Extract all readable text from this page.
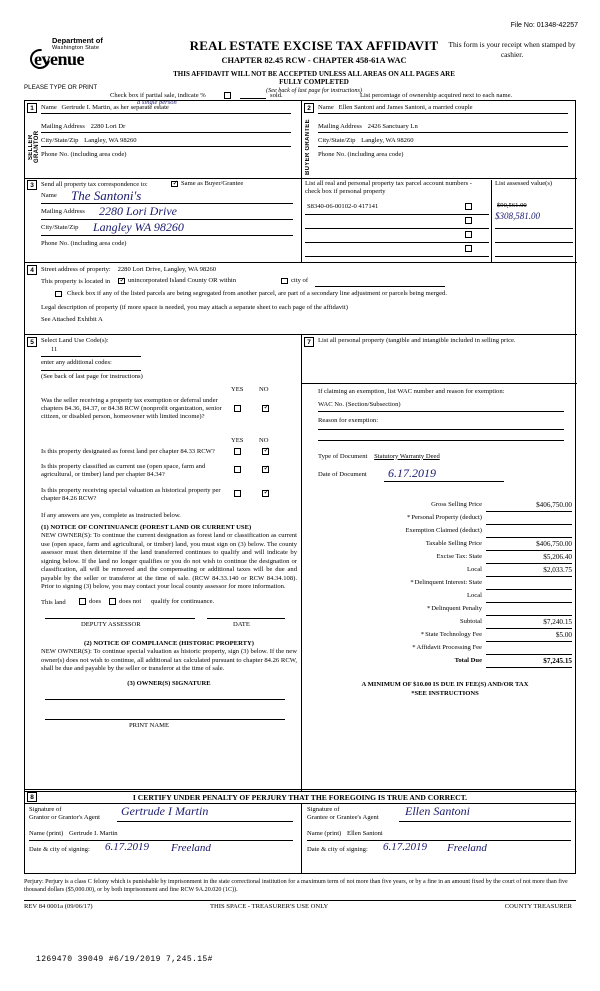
File No: 01348-42257
Department of
Washington State
evenue
PLEASE TYPE OR PRINT
REAL ESTATE EXCISE TAX AFFIDAVIT
CHAPTER 82.45 RCW - CHAPTER 458-61A WAC
THIS AFFIDAVIT WILL NOT BE ACCEPTED UNLESS ALL AREAS ON ALL PAGES ARE FULLY COMPLETED
(See back of last page for instructions)
This form is your receipt when stamped by cashier.
Check box if partial sale, indicate %	sold.	List percentage of ownership acquired next to each name.
1
SELLER GRANTOR
Name Gertrude I. Martin, as her separate estate
a single person
Mailing Address 2280 Lori Dr
City/State/Zip Langley, WA 98260
Phone No. (including area code)
2
BUYER GRANTEE
Name Ellen Santoni and James Santoni, a married couple
Mailing Address 2426 Sanctuary Ln
City/State/Zip Langley, WA 98260
Phone No. (including area code)
3	Send all property tax correspondence to: ✓	Same as Buyer/Grantee
Name The Santoni's
Mailing Address 2280 Lori Drive
City/State/Zip Langley WA 98260
Phone No. (including area code)
List all real and personal property tax parcel account numbers - check box if personal property
List assessed value(s)
S8340-06-00102-0 417141	$90,561.00
$308,581.00
4	Street address of property: 2280 Lori Drive, Langley, WA 98260
This property is located in ✓	unincorporated Island County OR within	city of
Check box if any of the listed parcels are being segregated from another parcel, are part of a secondary line adjustment or parcels being merged.
Legal description of property (if more space is needed, you may attach a separate sheet to each page of the affidavit)
See Attached Exhibit A
5	Select Land Use Code(s):
11
enter any additional codes:
(See back of last page for instructions)
YES NO
Was the seller receiving a property tax exemption or deferral under chapters 84.36, 84.37, or 84.38 RCW (nonprofit organization, senior citizen, or disabled person, homeowner with limited income)?
✓
YES NO
Is this property designated as forest land per chapter 84.33 RCW?
✓
Is this property classified as current use (open space, farm and agricultural, or timber) land per chapter 84.34?
✓
Is this property receiving special valuation as historical property per chapter 84.26 RCW?
✓
If any answers are yes, complete as instructed below.
(1) NOTICE OF CONTINUANCE (FOREST LAND OR CURRENT USE)
NEW OWNER(S): To continue the current designation as forest land or classification as current use (open space, farm and agricultural, or timber) land, you must sign on (3) below. The county assessor must then determine if the land transferred continues to qualify and will indicate by signing below. If the land no longer qualifies or you do not wish to continue the designation or classification, all will be removed and the compensating or additional taxes will be due and payable by the seller or transferor at the time of sale. (RCW 84.33.140 or RCW 84.34.108). Prior to signing (3) below, you may contact your local county assessor for more information.
This land	does	does not qualify for continuance.
DEPUTY ASSESSOR	DATE
(2) NOTICE OF COMPLIANCE (HISTORIC PROPERTY)
NEW OWNER(S): To continue special valuation as historic property, sign (3) below. If the new owner(s) does not wish to continue, all additional tax calculated pursuant to chapter 84.26 RCW, shall be due and payable by the seller or transferor at the time of sale.
(3) OWNER(S) SIGNATURE
PRINT NAME
7	List all personal property (tangible and intangible included in selling price.
If claiming an exemption, list WAC number and reason for exemption:
WAC No. (Section/Subsection)
Reason for exemption:
Type of Document Statutory Warranty Deed
Date of Document 6.17.2019
Gross Selling Price	$406,750.00
*Personal Property (deduct)
Exemption Claimed (deduct)
Taxable Selling Price	$406,750.00
Excise Tax: State	$5,206.40
Local	$2,033.75
*Delinquent Interest: State
Local
*Delinquent Penalty
Subtotal	$7,240.15
*State Technology Fee	$5.00
*Affidavit Processing Fee
Total Due	$7,245.15
A MINIMUM OF $10.00 IS DUE IN FEE(S) AND/OR TAX
*SEE INSTRUCTIONS
8	I CERTIFY UNDER PENALTY OF PERJURY THAT THE FOREGOING IS TRUE AND CORRECT.
Signature of
Grantor or Grantor's Agent Gertrude I Martin
Name (print) Gertrude I. Martin
Date & city of signing: 6.17.2019 Freeland
Signature of
Grantee or Grantee's Agent Ellen Santoni
Name (print) Ellen Santoni
Date & city of signing: 6.17.2019 Freeland
Perjury: Perjury is a class C felony which is punishable by imprisonment in the state correctional institution for a maximum term of not more than five years, or by a fine in an amount fixed by the court of not more than five thousand dollars ($5,000.00), or by both imprisonment and fine RCW 9A.20.020 (1C)).
REV 84 0001a (09/06/17)	THIS SPACE - TREASURER'S USE ONLY	COUNTY TREASURER
1269470 39049 #6/19/2019 7,245.15#
